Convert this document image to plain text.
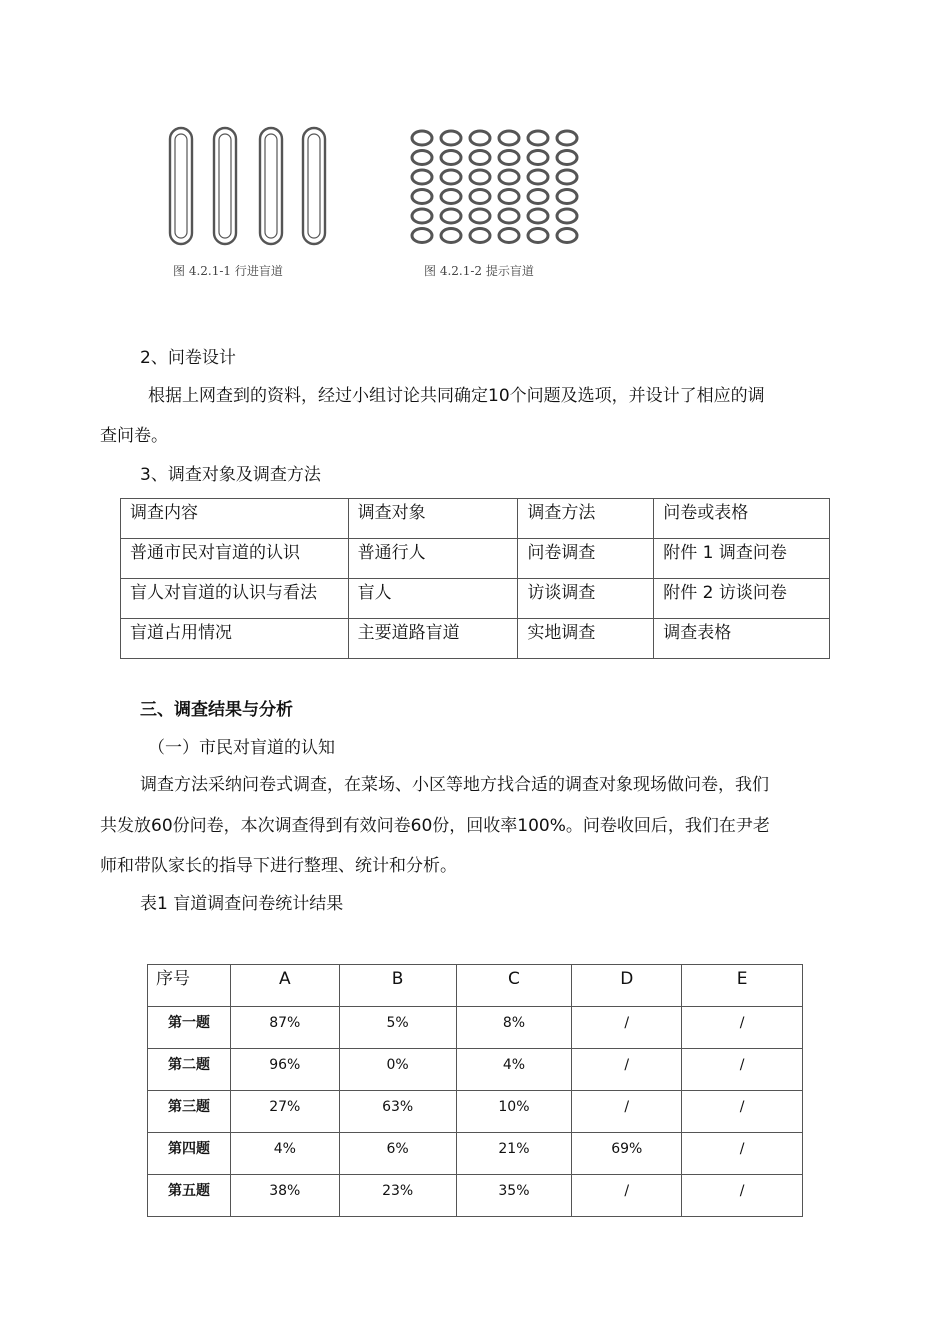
图 4.2.1-1 行进盲道	图 4.2.1-2 提示盲道
2、问卷设计
根据上网查到的资料，经过小组讨论共同确定10个问题及选项，并设计了相应的调
查问卷。
3、调查对象及调查方法
调查内容	调查对象	调查方法	问卷或表格
普通市民对盲道的认识	普通行人	问卷调查	附件 1 调查问卷
盲人对盲道的认识与看法	盲人	访谈调查	附件 2 访谈问卷
盲道占用情况	主要道路盲道	实地调查	调查表格
三、调查结果与分析
（一）市民对盲道的认知
调查方法采纳问卷式调查，在菜场、小区等地方找合适的调查对象现场做问卷，我们
共发放60份问卷，本次调查得到有效问卷60份，回收率100%。问卷收回后，我们在尹老
师和带队家长的指导下进行整理、统计和分析。
表1 盲道调查问卷统计结果
序号	A	B	C	D	E
第一题	87%	5%	8%	/	/
第二题	96%	0%	4%	/	/
第三题	27%	63%	10%	/	/
第四题	4%	6%	21%	69%	/
第五题	38%	23%	35%	/	/
